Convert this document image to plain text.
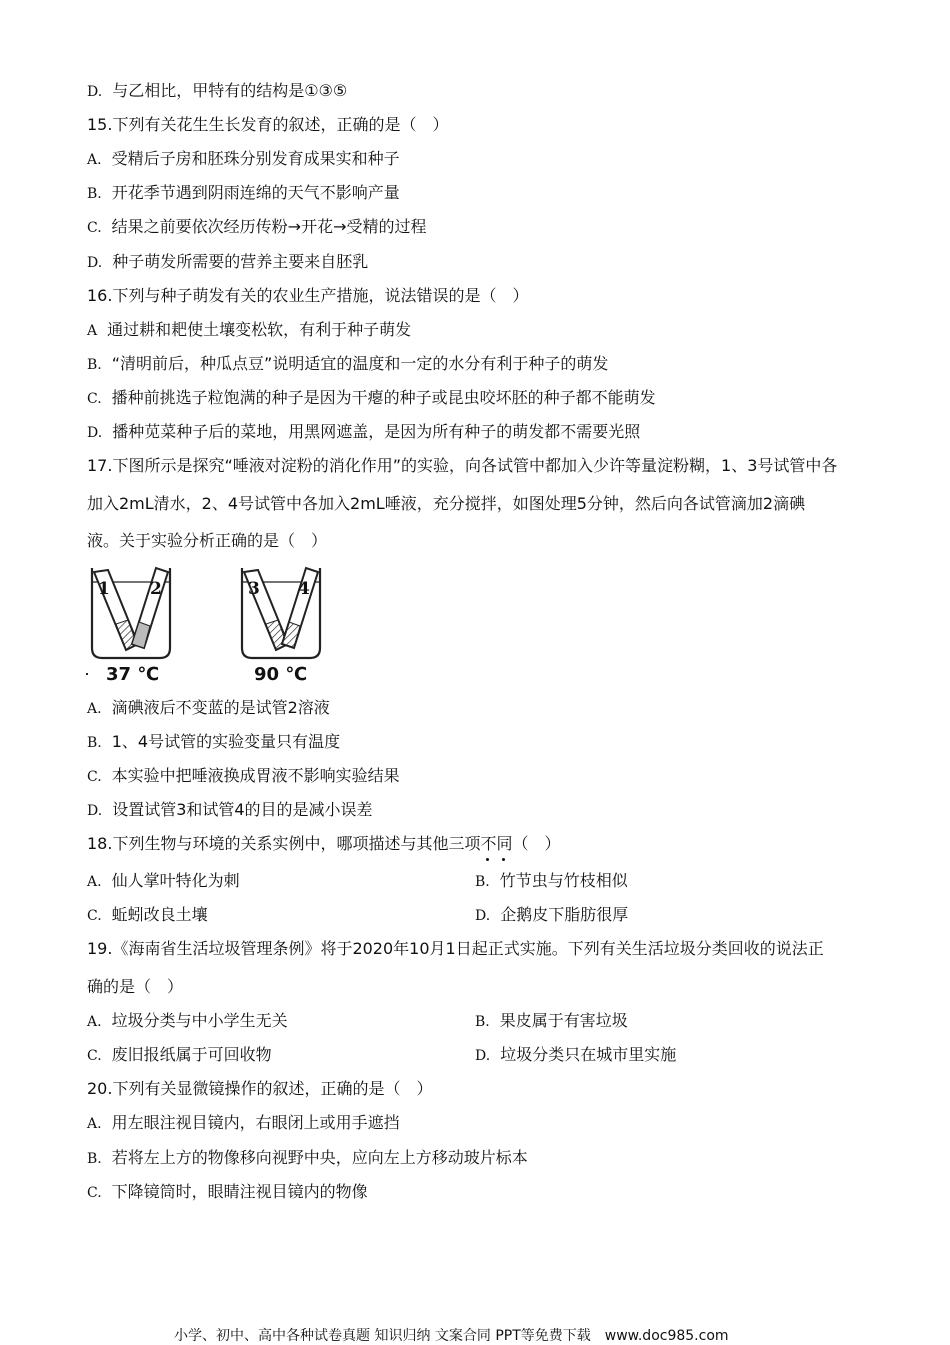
D. 与乙相比，甲特有的结构是①③⑤
15.下列有关花生生长发育的叙述，正确的是（　）
A. 受精后子房和胚珠分别发育成果实和种子
B. 开花季节遇到阴雨连绵的天气不影响产量
C. 结果之前要依次经历传粉→开花→受精的过程
D. 种子萌发所需要的营养主要来自胚乳
16.下列与种子萌发有关的农业生产措施，说法错误的是（　）
A 通过耕和耙使土壤变松软，有利于种子萌发
B. “清明前后，种瓜点豆”说明适宜的温度和一定的水分有利于种子的萌发
C. 播种前挑选子粒饱满的种子是因为干瘪的种子或昆虫咬坏胚的种子都不能萌发
D. 播种苋菜种子后的菜地，用黑网遮盖，是因为所有种子的萌发都不需要光照
17.下图所示是探究“唾液对淀粉的消化作用”的实验，向各试管中都加入少许等量淀粉糊，1、3号试管中各
加入2mL清水，2、4号试管中各加入2mL唾液，充分搅拌，如图处理5分钟，然后向各试管滴加2滴碘
液。关于实验分析正确的是（　）
1 2	3 4
37 ℃	90 ℃
A. 滴碘液后不变蓝的是试管2溶液
B. 1、4号试管的实验变量只有温度
C. 本实验中把唾液换成胃液不影响实验结果
D. 设置试管3和试管4的目的是减小误差
18.下列生物与环境的关系实例中，哪项描述与其他三项不同
（　）
A. 仙人掌叶特化为刺	B. 竹节虫与竹枝相似
C. 蚯蚓改良土壤	D. 企鹅皮下脂肪很厚
19.《海南省生活垃圾管理条例》将于2020年10月1日起正式实施。下列有关生活垃圾分类回收的说法正
确的是（　）
A. 垃圾分类与中小学生无关	B. 果皮属于有害垃圾
C. 废旧报纸属于可回收物	D. 垃圾分类只在城市里实施
20.下列有关显微镜操作的叙述，正确的是（　）
A. 用左眼注视目镜内，右眼闭上或用手遮挡
B. 若将左上方的物像移向视野中央，应向左上方移动玻片标本
C. 下降镜筒时，眼睛注视目镜内的物像
小学、初中、高中各种试卷真题 知识归纳 文案合同 PPT等免费下载　www.doc985.com
